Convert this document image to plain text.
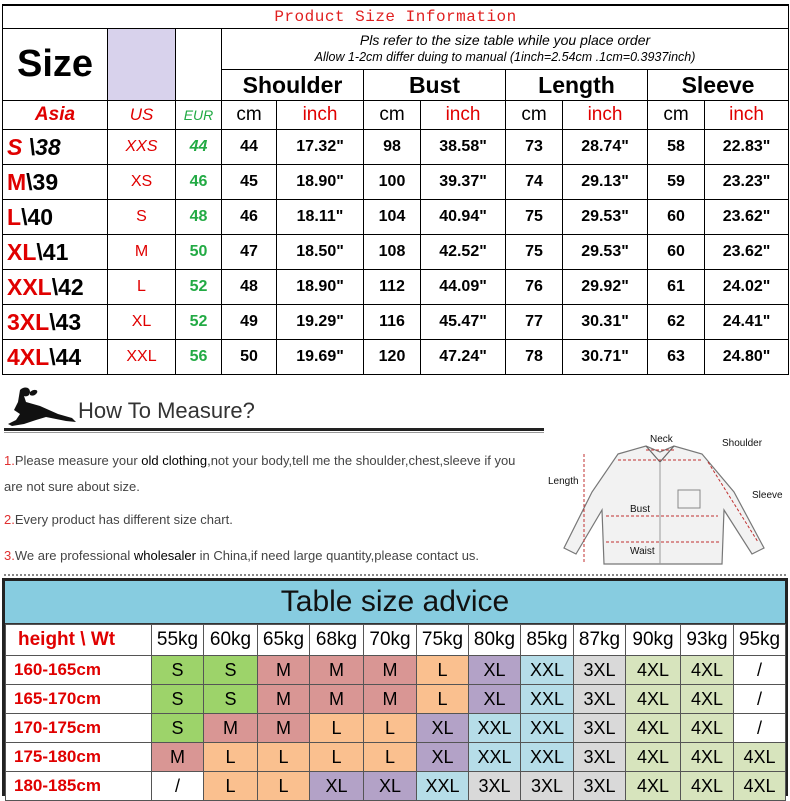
Product Size Information										
Size			Pls refer to the size table while you place order
Allow 1-2cm differ duing to manual (1inch=2.54cm .1cm=0.3937inch)							

			Shoulder		Bust		Length		Sleeve	
Asia	US	EUR	cm	inch	cm	inch	cm	inch	cm	inch
S \38	XXS	44	44	17.32"	98	38.58"	73	28.74"	58	22.83"
M\39	XS	46	45	18.90"	100	39.37"	74	29.13"	59	23.23"
L\40	S	48	46	18.11"	104	40.94"	75	29.53"	60	23.62"
XL\41	M	50	47	18.50"	108	42.52"	75	29.53"	60	23.62"
XXL\42	L	52	48	18.90"	112	44.09"	76	29.92"	61	24.02"
3XL\43	XL	52	49	19.29"	116	45.47"	77	30.31"	62	24.41"
4XL\44	XXL	56	50	19.69"	120	47.24"	78	30.71"	63	24.80"
How To Measure?
1.Please measure your old clothing,not your body,tell me the shoulder,chest,sleeve if you
are not sure about size.
2.Every product has different size chart.
3.We are professional wholesaler in China,if need large quantity,please contact us.
Neck	Shoulder
Length
Sleeve
Bust
Waist
Table size advice
height \ Wt	55kg	60kg	65kg	68kg	70kg	75kg	80kg	85kg	87kg	90kg	93kg	95kg
160-165cm	S	S	M	M	M	L	XL	XXL	3XL	4XL	4XL	/
165-170cm	S	S	M	M	M	L	XL	XXL	3XL	4XL	4XL	/
170-175cm	S	M	M	L	L	XL	XXL	XXL	3XL	4XL	4XL	/
175-180cm	M	L	L	L	L	XL	XXL	XXL	3XL	4XL	4XL	4XL
180-185cm	/	L	L	XL	XL	XXL	3XL	3XL	3XL	4XL	4XL	4XL
